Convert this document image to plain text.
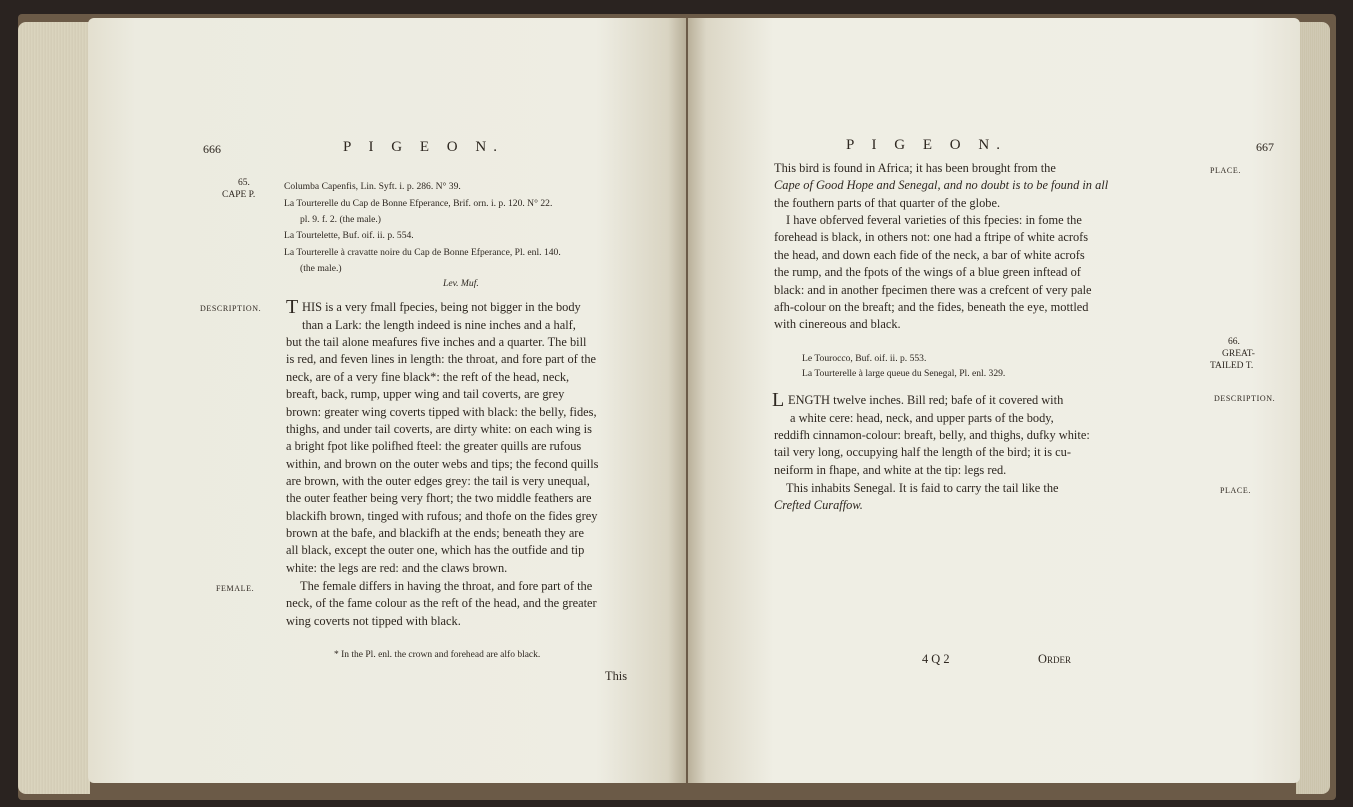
666	P I G E O N.
65.
CAPE P.
Columba Capenfis, Lin. Syft. i. p. 286. N° 39.
La Tourterelle du Cap de Bonne Efperance, Brif. orn. i. p. 120. N° 22.
pl. 9. f. 2. (the male.)
La Tourtelette, Buf. oif. ii. p. 554.
La Tourterelle à cravatte noire du Cap de Bonne Efperance, Pl. enl. 140.
(the male.)
Lev. Muf.
DESCRIPTION. T HIS is a very fmall fpecies, being not bigger in the body
than a Lark: the length indeed is nine inches and a half,
but the tail alone meafures five inches and a quarter. The bill
is red, and feven lines in length: the throat, and fore part of the
neck, are of a very fine black*: the reft of the head, neck,
breaft, back, rump, upper wing and tail coverts, are grey
brown: greater wing coverts tipped with black: the belly, fides,
thighs, and under tail coverts, are dirty white: on each wing is
a bright fpot like polifhed fteel: the greater quills are rufous
within, and brown on the outer webs and tips; the fecond quills
are brown, with the outer edges grey: the tail is very unequal,
the outer feather being very fhort; the two middle feathers are
blackifh brown, tinged with rufous; and thofe on the fides grey
brown at the bafe, and blackifh at the ends; beneath they are
all black, except the outer one, which has the outfide and tip
white: the legs are red: and the claws brown.
FEMALE.	The female differs in having the throat, and fore part of the
neck, of the fame colour as the reft of the head, and the greater
wing coverts not tipped with black.
* In the Pl. enl. the crown and forehead are alfo black.
This
P I G E O N.	667
PLACE.
This bird is found in Africa; it has been brought from the
Cape of Good Hope and Senegal, and no doubt is to be found in all
the fouthern parts of that quarter of the globe.
I have obferved feveral varieties of this fpecies: in fome the
forehead is black, in others not: one had a ftripe of white acrofs
the head, and down each fide of the neck, a bar of white acrofs
the rump, and the fpots of the wings of a blue green inftead of
black: and in another fpecimen there was a crefcent of very pale
afh-colour on the breaft; and the fides, beneath the eye, mottled
with cinereous and black.
66.
GREAT-
TAILED T.
Le Tourocco, Buf. oif. ii. p. 553.
La Tourterelle à large queue du Senegal, Pl. enl. 329.
DESCRIPTION.
L ENGTH twelve inches. Bill red; bafe of it covered with
a white cere: head, neck, and upper parts of the body,
reddifh cinnamon-colour: breaft, belly, and thighs, dufky white:
tail very long, occupying half the length of the bird; it is cu-
neiform in fhape, and white at the tip: legs red.
PLACE.
This inhabits Senegal. It is faid to carry the tail like the
Crefted Curaffow.
4 Q 2	Order
